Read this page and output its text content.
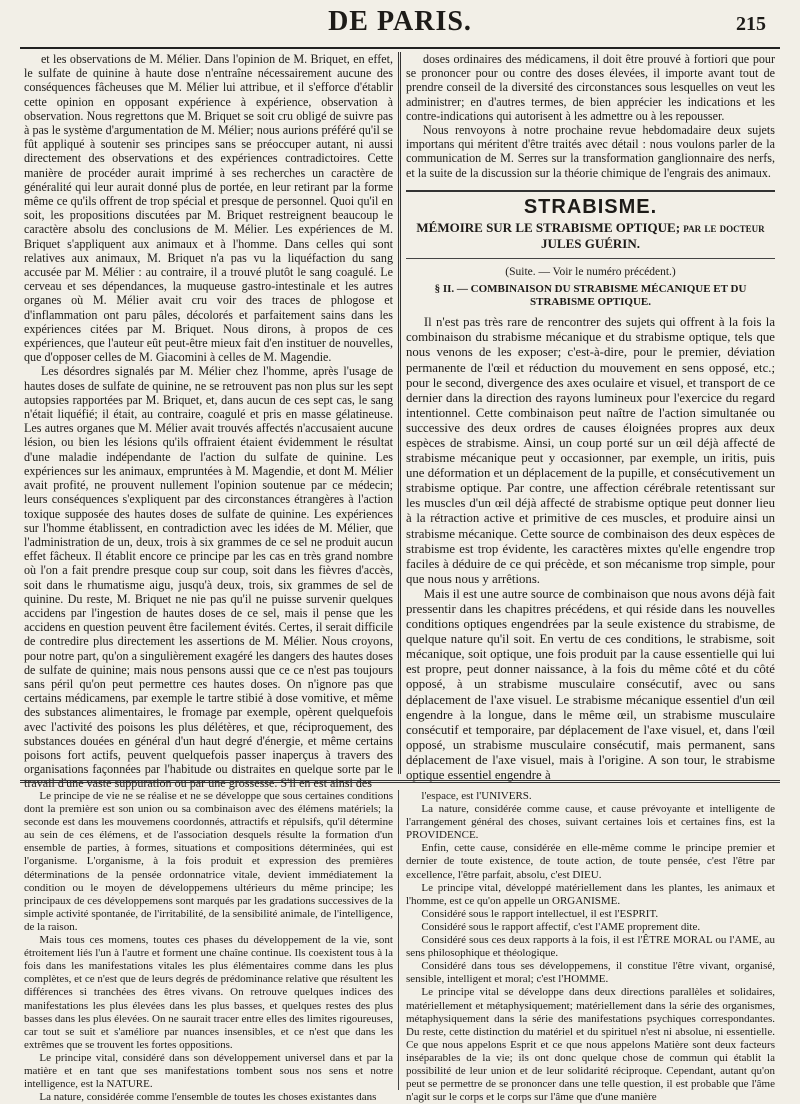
DE PARIS.	215

et les observations de M. Mélier. Dans l'opinion de M. Briquet, en effet, le sulfate de quinine à haute dose n'entraîne nécessairement aucune des conséquences fâcheuses que M. Mélier lui attribue, et il s'efforce d'établir cette opinion en opposant expérience à expérience, observation à observation. Nous regrettons que M. Briquet se soit cru obligé de suivre pas à pas le système d'argumentation de M. Mélier; nous aurions préféré qu'il se fût appliqué à soutenir ses principes sans se préoccuper autant, ni aussi directement des observations et des expériences contradictoires. Cette manière de procéder aurait imprimé à ses recherches un caractère de généralité qui leur aurait donné plus de portée, en leur retirant par la forme même ce qu'ils offrent de trop spécial et presque de personnel. Quoi qu'il en soit, les propositions discutées par M. Briquet restreignent beaucoup le caractère absolu des conclusions de M. Mélier. Les expériences de M. Briquet s'appliquent aux animaux et à l'homme. Dans celles qui sont relatives aux animaux, M. Briquet n'a pas vu la liquéfaction du sang accusée par M. Mélier : au contraire, il a trouvé plutôt le sang coagulé. Le cerveau et ses dépendances, la muqueuse gastro-intestinale et les autres organes où M. Mélier avait cru voir des traces de phlogose et d'inflammation ont paru pâles, décolorés et parfaitement sains dans les expériences citées par M. Briquet. Nous dirons, à propos de ces expériences, que l'auteur eût peut-être mieux fait d'en instituer de nouvelles, que d'opposer celles de M. Giacomini à celles de M. Magendie.

Les désordres signalés par M. Mélier chez l'homme, après l'usage de hautes doses de sulfate de quinine, ne se retrouvent pas non plus sur les sept autopsies rapportées par M. Briquet, et, dans aucun de ces sept cas, le sang n'était liquéfié; il était, au contraire, coagulé et pris en masse gélatineuse. Les autres organes que M. Mélier avait trouvés affectés n'accusaient aucune lésion, ou bien les lésions qu'ils offraient étaient évidemment le résultat d'une maladie indépendante de l'action du sulfate de quinine. Les expériences sur les animaux, empruntées à M. Magendie, et dont M. Mélier avait profité, ne prouvent nullement l'opinion soutenue par ce médecin; leurs conséquences s'expliquent par des circonstances étrangères à l'action toxique supposée des hautes doses de sulfate de quinine. Les expériences sur l'homme établissent, en contradiction avec les idées de M. Mélier, que l'administration de un, deux, trois à six grammes de ce sel ne produit aucun effet fâcheux. Il établit encore ce principe par les cas en très grand nombre où l'on a fait prendre presque coup sur coup, soit dans les fièvres d'accès, soit dans le rhumatisme aigu, jusqu'à deux, trois, six grammes de sel de quinine. Du reste, M. Briquet ne nie pas qu'il ne puisse survenir quelques accidens par l'ingestion de hautes doses de ce sel, mais il pense que les accidens en question peuvent être facilement évités. Certes, il serait difficile de contredire plus directement les assertions de M. Mélier. Nous croyons, pour notre part, qu'on a singulièrement exagéré les dangers des hautes doses de sulfate de quinine; mais nous pensons aussi que ce ce n'est pas toujours sans péril qu'on peut permettre ces hautes doses. On n'ignore pas que certains médicamens, par exemple le tartre stibié à dose vomitive, et même des substances alimentaires, le fromage par exemple, opèrent quelquefois avec l'activité des poisons les plus délétères, et que, réciproquement, des substances douées en général d'un haut degré d'énergie, et même certains poisons fort actifs, peuvent quelquefois passer inaperçus à travers des organisations façonnées par l'habitude ou distraites en quelque sorte par le travail d'une vaste suppuration ou par une grossesse. S'il en est ainsi des

doses ordinaires des médicamens, il doit être prouvé à fortiori que pour se prononcer pour ou contre des doses élevées, il importe avant tout de prendre conseil de la diversité des circonstances sous lesquelles on veut les administrer; en d'autres termes, de bien apprécier les indications et les contre-indications qui autorisent à les admettre ou à les repousser.

Nous renvoyons à notre prochaine revue hebdomadaire deux sujets importans qui méritent d'être traités avec détail : nous voulons parler de la communication de M. Serres sur la transformation ganglionnaire des nerfs, et la suite de la discussion sur la théorie chimique de l'engrais des animaux.

STRABISME.
MÉMOIRE SUR LE STRABISME OPTIQUE; par le docteur JULES GUÉRIN.
(Suite. — Voir le numéro précédent.)
§ II. — COMBINAISON DU STRABISME MÉCANIQUE ET DU STRABISME OPTIQUE.

Il n'est pas très rare de rencontrer des sujets qui offrent à la fois la combinaison du strabisme mécanique et du strabisme optique, tels que nous venons de les exposer; c'est-à-dire, pour le premier, déviation permanente de l'œil et réduction du mouvement en sens opposé, etc.; pour le second, divergence des axes oculaire et visuel, et transport de ce dernier dans la direction des rayons lumineux pour l'exercice du regard intentionnel. Cette combinaison peut naître de l'action simultanée ou successive des deux ordres de causes éloignées propres aux deux espèces de strabisme. Ainsi, un coup porté sur un œil déjà affecté de strabisme mécanique peut y occasionner, par exemple, un iritis, puis une déformation et un déplacement de la pupille, et consécutivement un strabisme optique. Par contre, une affection cérébrale retentissant sur les muscles d'un œil déjà affecté de strabisme optique peut donner lieu à la rétraction active et primitive de ces muscles, et produire ainsi un strabisme mécanique. Cette source de combinaison des deux espèces de strabisme est trop évidente, les caractères mixtes qu'elle engendre trop faciles à déduire de ce qui précède, et son mécanisme trop simple, pour que nous nous y arrêtions.

Mais il est une autre source de combinaison que nous avons déjà fait pressentir dans les chapitres précédens, et qui réside dans les nouvelles conditions optiques engendrées par la seule existence du strabisme, de quelque nature qu'il soit. En vertu de ces conditions, le strabisme, soit mécanique, soit optique, une fois produit par la cause essentielle qui lui est propre, peut donner naissance, à la fois du même côté et du côté opposé, à un strabisme musculaire consécutif, avec ou sans déplacement de l'axe visuel. Le strabisme mécanique essentiel d'un œil engendre à la longue, dans le même œil, un strabisme musculaire consécutif et temporaire, par déplacement de l'axe visuel, et, dans l'œil opposé, un strabisme musculaire consécutif, mais permanent, sans déplacement de l'axe visuel, mais à l'origine. A son tour, le strabisme optique essentiel engendre à

Le principe de vie ne se réalise et ne se développe que sous certaines conditions dont la première est son union ou sa combinaison avec des élémens matériels; la seconde est dans les mouvemens coordonnés, attractifs et répulsifs, qu'il détermine au sein de ces élémens, et de l'association desquels résulte la formation d'un ensemble de parties, à formes, situations et compositions déterminées, qui est l'organisme. L'organisme, à la fois produit et expression des premières déterminations de la pensée ordonnatrice vitale, devient immédiatement la condition ou le moyen de développemens ultérieurs du même principe; les principaux de ces développemens sont marqués par les gradations successives de la simple activité spontanée, de l'irritabilité, de la sensibilité animale, de l'intelligence, de la raison.

Mais tous ces momens, toutes ces phases du développement de la vie, sont étroitement liés l'un à l'autre et forment une chaîne continue. Ils coexistent tous à la fois dans les manifestations vitales les plus élémentaires comme dans les plus complètes, et ce n'est que de leurs degrés de prédominance relative que résultent les différences si tranchées des êtres vivans. On retrouve quelques indices des manifestations les plus élevées dans les plus basses, et quelques restes des plus basses dans les plus élevées. On ne saurait tracer entre elles des limites rigoureuses, car tout se suit et s'améliore par nuances insensibles, et ce n'est que dans les extrêmes que se trouvent les fortes oppositions.

Le principe vital, considéré dans son développement universel dans et par la matière et en tant que ses manifestations tombent sous nos sens et notre intelligence, est la NATURE.

La nature, considérée comme l'ensemble de toutes les choses existantes dans

l'espace, est l'UNIVERS.

La nature, considérée comme cause, et cause prévoyante et intelligente de l'arrangement général des choses, suivant certaines lois et certaines fins, est la PROVIDENCE.

Enfin, cette cause, considérée en elle-même comme le principe premier et dernier de toute existence, de toute action, de toute pensée, c'est l'être par excellence, l'être parfait, absolu, c'est DIEU.

Le principe vital, développé matériellement dans les plantes, les animaux et l'homme, est ce qu'on appelle un ORGANISME.

Considéré sous le rapport intellectuel, il est l'ESPRIT.

Considéré sous le rapport affectif, c'est l'AME proprement dite.

Considéré sous ces deux rapports à la fois, il est l'ÊTRE MORAL ou l'AME, au sens philosophique et théologique.

Considéré dans tous ses développemens, il constitue l'être vivant, organisé, sensible, intelligent et moral; c'est l'HOMME.

Le principe vital se développe dans deux directions parallèles et solidaires, matériellement et métaphysiquement; matériellement dans la série des organismes, métaphysiquement dans la série des manifestations psychiques correspondantes. Du reste, cette distinction du matériel et du spirituel n'est ni absolue, ni essentielle. Ce que nous appelons Esprit et ce que nous appelons Matière sont deux facteurs inséparables de la vie; ils ont donc quelque chose de commun qui établit la possibilité de leur union et de leur solidarité réciproque. Cependant, autant qu'on peut se permettre de se prononcer dans une telle question, il est probable que l'âme n'agit sur le corps et le corps sur l'âme que d'une manière
